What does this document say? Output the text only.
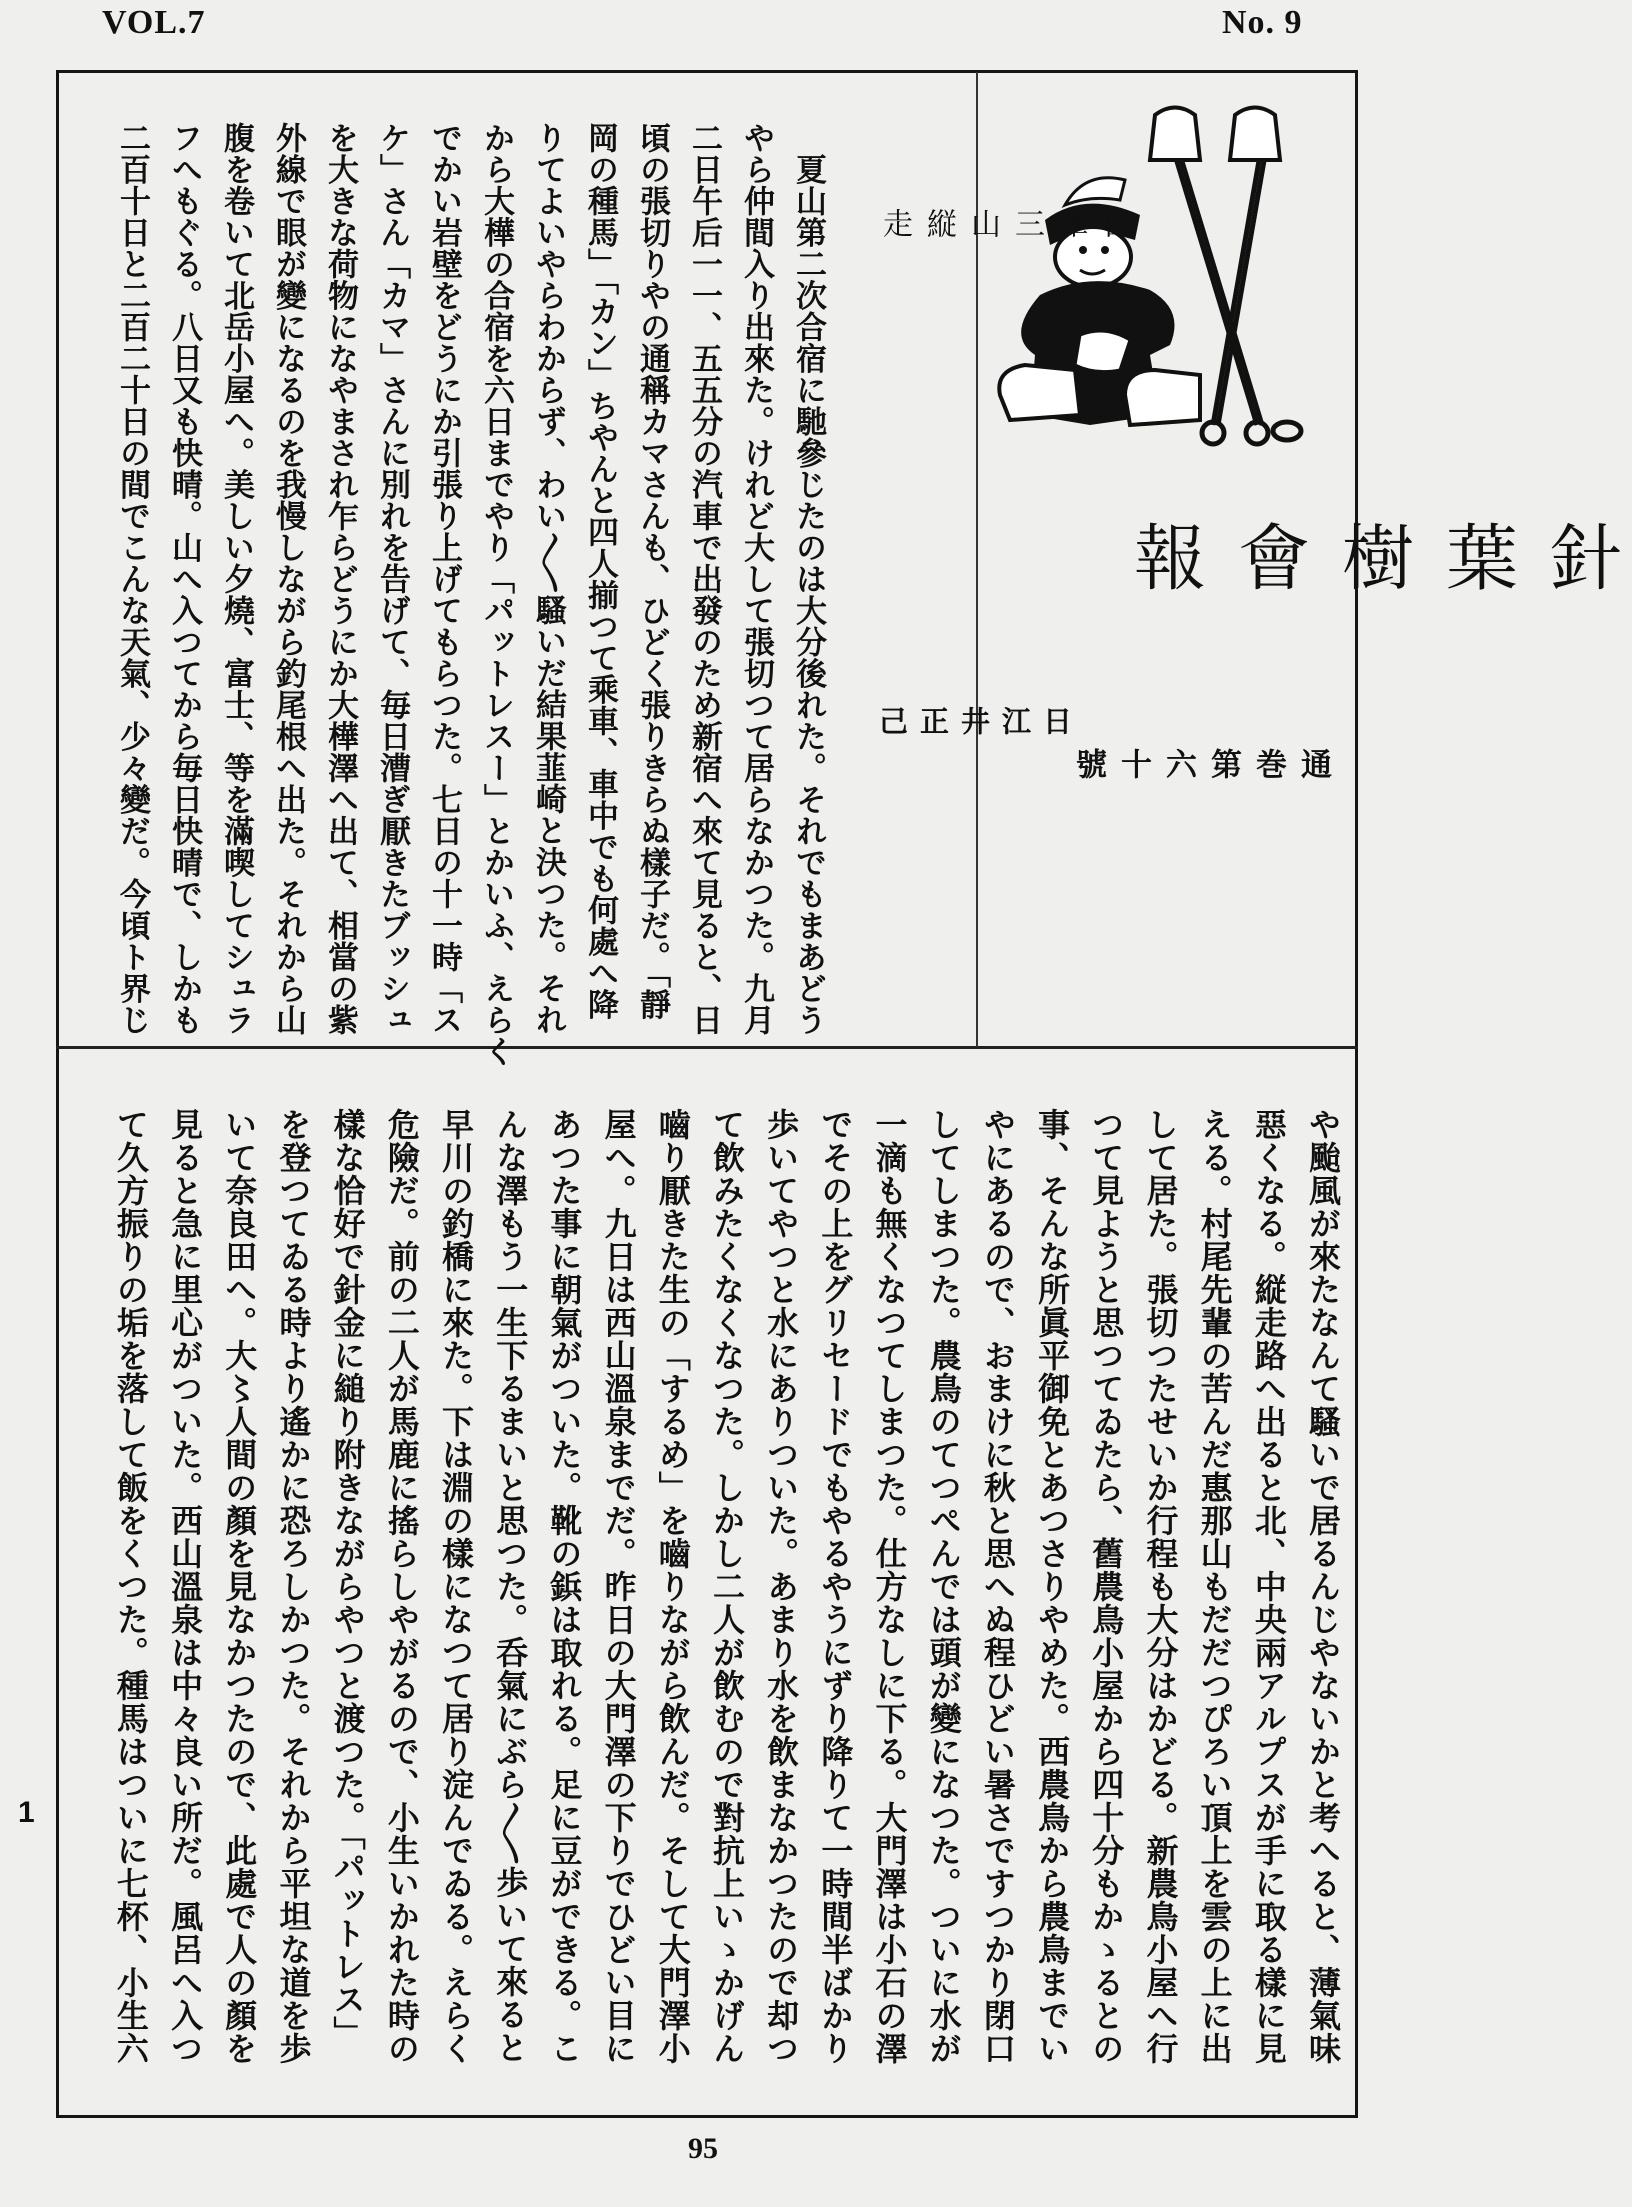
VOL.7	No. 9
針葉樹會報
通巻　第六十號
白峯三山縦走
日江井正己
　夏山第二次合宿に馳參じたのは大分後れた。それでもまあどう
やら仲間入り出來た。けれど大して張切つて居らなかつた。九月
二日午后一一、五五分の汽車で出發のため新宿へ來て見ると、日
頃の張切りやの通稱カマさんも、ひどく張りきらぬ樣子だ。「靜
岡の種馬」「カン」ちやんと四人揃つて乘車、車中でも何處へ降
りてよいやらわからず、わい〳〵騷いだ結果韮崎と決つた。それ
から大樺の合宿を六日までやり「パットレスー」とかいふ、えらく
でかい岩壁をどうにか引張り上げてもらつた。七日の十一時「ス
ケ」さん「カマ」さんに別れを告げて、毎日漕ぎ厭きたブッシュ
を大きな荷物になやまされ乍らどうにか大樺澤へ出て、相當の紫
外線で眼が變になるのを我慢しながら釣尾根へ出た。それから山
腹を卷いて北岳小屋へ。美しい夕燒、富士、等を滿喫してシュラ
フへもぐる。八日又も快晴。山へ入つてから毎日快晴で、しかも
二百十日と二百二十日の間でこんな天氣、少々變だ。今頃ト界じ
や颱風が來たなんて騷いで居るんじやないかと考へると、薄氣味
惡くなる。縦走路へ出ると北、中央兩アルプスが手に取る樣に見
える。村尾先輩の苦んだ惠那山もだだつぴろい頂上を雲の上に出
して居た。張切つたせいか行程も大分はかどる。新農鳥小屋へ行
つて見ようと思つてゐたら、舊農鳥小屋から四十分もかゝるとの
事、そんな所眞平御免とあつさりやめた。西農鳥から農鳥までい
やにあるので、おまけに秋と思へぬ程ひどい暑さですつかり閉口
してしまつた。農鳥のてつぺんでは頭が變になつた。ついに水が
一滴も無くなつてしまつた。仕方なしに下る。大門澤は小石の澤
でその上をグリセードでもやるやうにずり降りて一時間半ばかり
歩いてやつと水にありついた。あまり水を飲まなかつたので却つ
て飲みたくなくなつた。しかし二人が飲むので對抗上いゝかげん
嚙り厭きた生の「するめ」を嚙りながら飲んだ。そして大門澤小
屋へ。九日は西山溫泉までだ。昨日の大門澤の下りでひどい目に
あつた事に朝氣がついた。靴の鋲は取れる。足に豆ができる。こ
んな澤もう一生下るまいと思つた。呑氣にぶら〳〵歩いて來ると
早川の釣橋に來た。下は淵の樣になつて居り淀んでゐる。えらく
危險だ。前の二人が馬鹿に搖らしやがるので、小生いかれた時の
樣な恰好で針金に縋り附きながらやつと渡つた。「パットレス」
を登つてゐる時より遙かに恐ろしかつた。それから平坦な道を歩
いて奈良田へ。大〻人間の顏を見なかつたので、此處で人の顏を
見ると急に里心がついた。西山溫泉は中々良い所だ。風呂へ入つ
て久方振りの垢を落して飯をくつた。種馬はついに七杯、小生六
95
1
